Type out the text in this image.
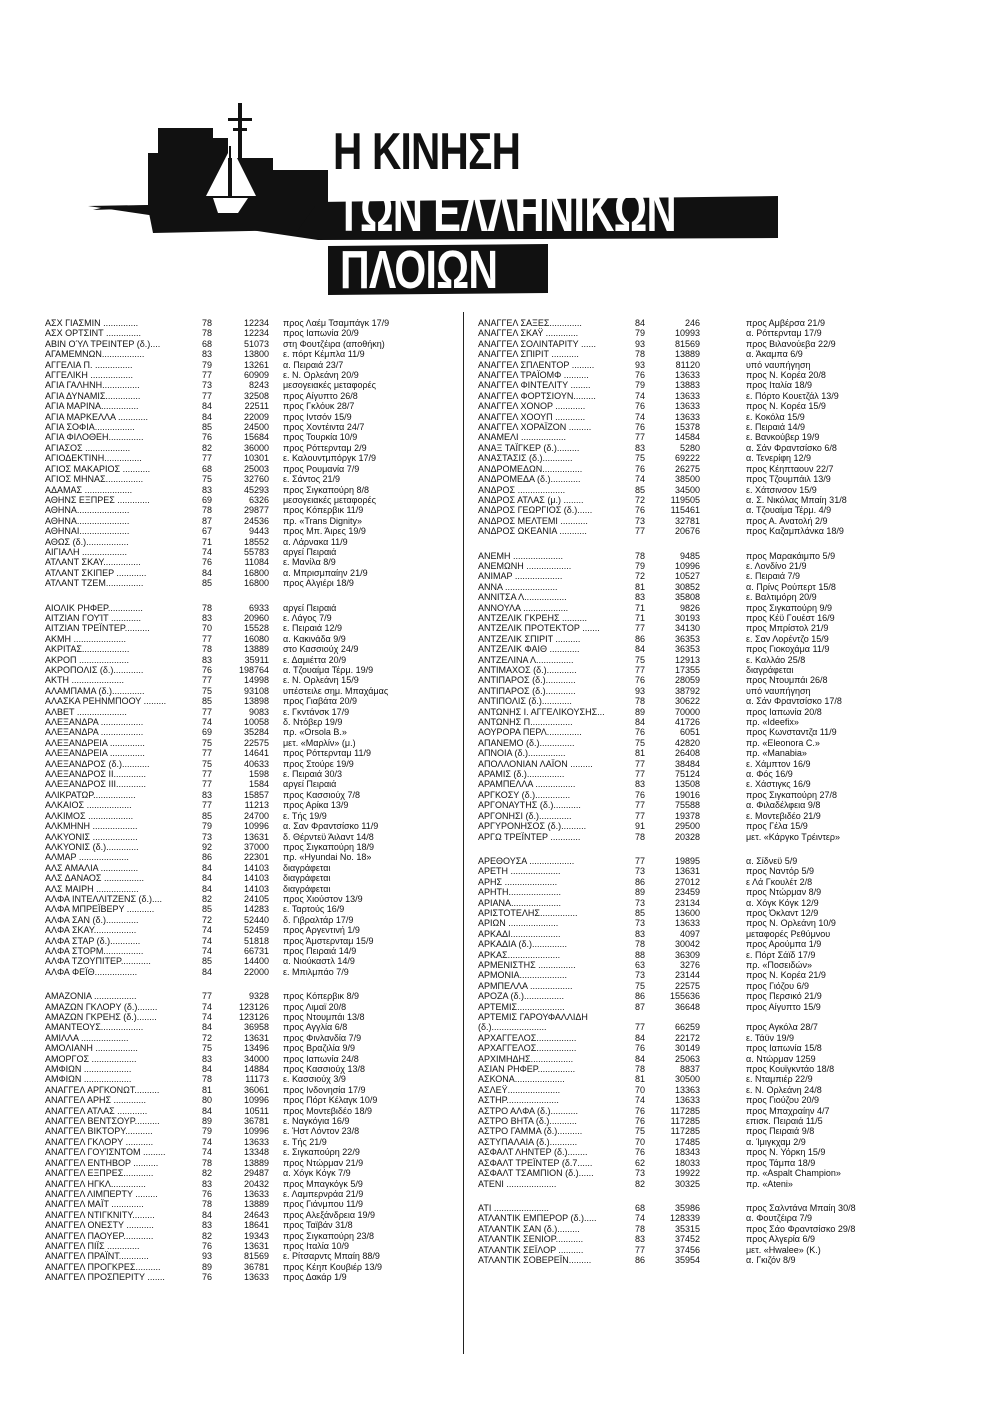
Η ΚΙΝΗΣΗ
ΤΩΝ ΕΛΛΗΝΙΚΩΝ
ΠΛΟΙΩΝ
ΑΣΧ ΓΙΑΣΜΙΝ ..............	78	12234 προς Λαέμ Τσαμπάγκ 17/9
ΑΣΧ ΟΡΤΣΙΝΤ ..............	78	12234 προς Ιαπωνία 20/9
ΑΒΙΝ ΟΎΛ ΤΡΕΙΝΤΕΡ (δ.)....	68	51073 στη Φουτζέιρα (αποθήκη)
ΑΓΑΜΕΜΝΩΝ.................	83	13800 ε. πόρτ Κέμπλα 11/9
ΑΓΓΕΛΙΑ Π. ...............	79	13261 α. Πειραιά 23/7
ΑΓΓΕΛΙΚΗ .................	77	60909 ε. Ν. Ορλεάνη 20/9
ΑΓΙΑ ΓΑΛΗΝΗ...............	73	8243 μεσογειακές μεταφορές
ΑΓΙΑ ΔΥΝΑΜΙΣ..............	77	32508 προς Αίγυπτο 26/8
ΑΓΙΑ ΜΑΡΙΝΑ...............	84	22511 προς Γκλόυκ 28/7
ΑΓΙΑ ΜΑΡΚΕΛΛΑ ............	84	22009 προς Ιντσόν 15/9
ΑΓΙΑ ΣΟΦΙΑ................	85	24500 προς Χοντέιντα 24/7
ΑΓΙΑ ΦΙΛΟΘΕΗ..............	76	15684 προς Τουρκία 10/9
ΑΓΙΑΣΟΣ ..................	82	36000 προς Ρόττερνταμ 2/9
ΑΓΙΟΔΕΚΤΙΝΗ...............	77	10301 ε. Καλουντμπόργκ 17/9
ΑΓΙΟΣ ΜΑΚΑΡΙΟΣ ...........	68	25003 προς Ρουμανία 7/9
ΑΓΙΟΣ ΜΗΝΑΣ...............	75	32760 ε. Σάντος 21/9
ΑΔΑΜΑΣ ...................	83	45293 προς Σιγκαπούρη 8/8
ΑΘΗΝΣ ΕΞΠΡΕΣ .............	69	6326 μεσογειακές μεταφορές
ΑΘΗΝΑ.....................	78	29877 προς Κόπερβικ 11/9
ΑΘΗΝΑ.....................	87	24536 πρ. «Trans Dignity»
ΑΘΗΝΑΙ....................	67	9443 προς Μπ. Άιρες 19/9
ΑΘΩΣ (δ.).................	71	18552 α. Λάρνακα 11/9
ΑΙΓΙΑΛΗ ..................	74	55783 αργεί Πειραιά
ΑΤΛΑΝΤ ΣΚΑΥ...............	76	11084 ε. Μανίλα 8/9
ΑΤΛΑΝΤ ΣΚΙΠΕΡ ............	84	16800 α. Μπρισμπαίην 21/9
ΑΤΛΑΝΤ ΤΖΕΜ...............	85	16800 προς Αλγιέρι 18/9
ΑΙΟΛΙΚ ΡΗΦΕΡ..............	78	6933 αργεί Πειραιά
ΑΙΤΖΙΑΝ ΓΟΥΊΤ ............	83	20960 ε. Λάγος 7/9
ΑΙΤΖΙΑΝ ΤΡΕΪΝΤΕΡ..........	70	15528 ε. Πειραιά 12/9
ΑΚΜΗ .....................	77	16080 α. Κακινάδα 9/9
ΑΚΡΙΤΑΣ...................	78	13889 στο Κασσιούχ 24/9
ΑΚΡΟΠ ....................	83	35911 ε. Δαμιέττα 20/9
ΑΚΡΟΠΟΛΙΣ (δ.)............	76	198764 α. Τζουαίμα Τέρμ. 19/9
ΑΚΤΗ .....................	77	14998 ε. Ν. Ορλεάνη 15/9
ΑΛΑΜΠΑΜΑ (δ.).............	75	93108 υπέστειλε σημ. Μπαχάμας
ΑΛΑΣΚΑ ΡΕΗΝΜΠΟΟΥ .........	85	13898 προς Γιαβάτα 20/9
ΑΛΒΕΤ ....................	77	9083 ε. Γκντάνσκ 17/9
ΑΛΕΞΑΝΔΡΑ .................	74	10058 δ. Ντόβερ 19/9
ΑΛΕΞΑΝΔΡΑ .................	69	35284 πρ. «Orsola B.»
ΑΛΕΞΑΝΔΡΕΙΑ ..............	75	22575 μετ. «Μαρλίν» (μ.)
ΑΛΕΞΑΝΔΡΕΙΑ ..............	77	14641 προς Ρόττερνταμ 11/9
ΑΛΕΞΑΝΔΡΟΣ (δ.)...........	75	40633 προς Στούρε 19/9
ΑΛΕΞΑΝΔΡΟΣ ΙΙ.............	77	1598 ε. Πειραιά 30/3
ΑΛΕΞΑΝΔΡΟΣ ΙΙΙ............	77	1584 αργεί Πειραιά
ΑΛΙΚΡΑΤΩΡ.................	83	15857 προς Κασσιούχ 7/8
ΑΛΚΑΙΟΣ ..................	77	11213 προς Αρίκα 13/9
ΑΛΚΙΜΟΣ ..................	85	24700 ε. Τής 19/9
ΑΛΚΜΗΝΗ ..................	79	10996 α. Σαν Φραντσίσκο 11/9
ΑΛΚΥΟΝΙΣ ..................	73	13631 δ. Θέρντεϋ Άιλαντ 14/8
ΑΛΚΥΟΝΙΣ (δ.).............	92	37000 προς Σιγκαπούρη 18/9
ΑΛΜΑΡ ....................	86	22301 πρ. «Hyundai No. 18»
ΑΛΣ ΑΜΑΛΙΑ ...............	84	14103 διαγράφεται
ΑΛΣ ΔΑΝΑΟΣ ................	84	14103 διαγράφεται
ΑΛΣ ΜΑΙΡΗ .................	84	14103 διαγράφεται
ΑΛΦΑ ΙΝΤΕΛΛΙΤΖΕΝΣ (δ.)....	82	24105 προς Χιούστον 13/9
ΑΛΦΑ ΜΠΡΕΪΒΕΡΥ ...........	85	14283 ε. Ταρτούς 16/9
ΑΛΦΑ ΣΑΝ (δ.).............	72	52440 δ. Γιβραλτάρ 17/9
ΑΛΦΑ ΣΚΑΥ.................	74	52459 προς Αργεντινή 1/9
ΑΛΦΑ ΣΤΑΡ (δ.)............	74	51818 προς Άμστερνταμ 15/9
ΑΛΦΑ ΣΤΟΡΜ................	74	66731 προς Πειραιά 14/9
ΑΛΦΑ ΤΖΟΥΠΙΤΕΡ............	85	14400 α. Νιούκαστλ 14/9
ΑΛΦΑ ΦΕΪΘ.................	84	22000 ε. Μπιλμπάο 7/9
ΑΜΑΖΟΝΙΑ .................	77	9328 προς Κόπερβικ 8/9
ΑΜΑΖΩΝ ΓΚΛΟΡΥ (δ.)........	74	123126 προς Λιμαϊ 20/8
ΑΜΑΖΩΝ ΓΚΡΕΗΣ (δ.)........	74	123126 προς Ντουμπάι 13/8
ΑΜΑΝΤΕΟΥΣ.................	84	36958 προς Αγγλία 6/8
ΑΜΙΛΛΑ ...................	72	13631 προς Φινλανδία 7/9
ΑΜΟΛΙΑΝΗ .................	75	13496 προς Βραζιλία 9/9
ΑΜΟΡΓΟΣ ..................	83	34000 προς Ιαπωνία 24/8
ΑΜΦΙΩΝ ...................	84	14884 προς Κασσιούχ 13/8
ΑΜΦΙΩΝ ...................	78	11173 ε. Κασσιούχ 3/9
ΑΝΑΓΓΕΛ ΑΡΓΚΟΝΩΤ..........	81	36061 προς Ινδονησία 17/9
ΑΝΑΓΓΕΛ ΑΡΗΣ .............	80	10996 προς Πόρτ Κέλαγκ 10/9
ΑΝΑΓΓΕΛ ΑΤΛΑΣ ............	84	10511 προς Μοντεβιδέο 18/9
ΑΝΑΓΓΕΛ ΒΕΝΤΣΟΥΡ..........	89	36781 ε. Ναγκόγια 16/9
ΑΝΑΓΓΕΛ ΒΙΚΤΟΡΥ...........	79	10996 ε. Ήστ Λόντον 23/8
ΑΝΑΓΓΕΛ ΓΚΛΟΡΥ ...........	74	13633 ε. Τής 21/9
ΑΝΑΓΓΕΛ ΓΟΥΊΣΝΤΟΜ .........	74	13348 ε. Σιγκαπούρη 22/9
ΑΝΑΓΓΕΛ ΕΝΤΗΒΟΡ ..........	78	13889 προς Ντώρμαν 21/9
ΑΝΑΓΓΕΛ ΕΞΠΡΕΣ............	82	29487 α. Χόγκ Κόγκ 7/9
ΑΝΑΓΓΕΛ ΗΓΚΛ..............	83	20432 προς Μπαγκόγκ 5/9
ΑΝΑΓΓΕΛ ΛΙΜΠΕΡΤΥ .........	76	13633 ε. Λαμπερνράα 21/9
ΑΝΑΓΓΕΛ ΜΑΪΤ .............	78	13889 προς Γιάνμπου 11/9
ΑΝΑΓΓΕΛ ΝΤΙΓΚΝΙΤΥ.........	84	24643 προς Αλεξάνδρεια 19/9
ΑΝΑΓΓΕΛ ΟΝΕΣΤΥ ...........	83	18641 προς Ταϊβάν 31/8
ΑΝΑΓΓΕΛ ΠΑΟΥΕΡ............	82	19343 προς Σιγκαπούρη 23/8
ΑΝΑΓΓΕΛ ΠΙΪΣ .............	76	13631 προς Ιταλία 10/9
ΑΝΑΓΓΕΛ ΠΡΑΪΝΤ............	93	81569 ε. Ρίτσαρντς Μπαίη 88/9
ΑΝΑΓΓΕΛ ΠΡΟΓΚΡΕΣ..........	89	36781 προς Κέηπ Κουβιέρ 13/9
ΑΝΑΓΓΕΛ ΠΡΟΣΠΕΡΙΤΥ .......	76	13633 προς Δακάρ 1/9
ΑΝΑΓΓΕΛ ΣΑΞΕΣ.............	84	246	προς Αμβέρσα 21/9
ΑΝΑΓΓΕΛ ΣΚΑΫ .............	79	10993	α. Ρόττερνταμ 17/9
ΑΝΑΓΓΕΛ ΣΟΛΙΝΤΑΡΙΤΥ ......	93	81569	προς Βιλανούεβα 22/9
ΑΝΑΓΓΕΛ ΣΠΙΡΙΤ ...........	78	13889	α. Άκαμπα 6/9
ΑΝΑΓΓΕΛ ΣΠΛΕΝΤΟΡ .........	93	81120	υπό ναυπήγηση
ΑΝΑΓΓΕΛ ΤΡΑΪΟΜΦ ..........	76	13633	προς Ν. Κορέα 20/8
ΑΝΑΓΓΕΛ ΦΙΝΤΕΛΙΤΥ ........	79	13883	προς Ιταλία 18/9
ΑΝΑΓΓΕΛ ΦΟΡΤΣΙΟΥΝ.........	74	13633	ε. Πόρτο Κουετζάλ 13/9
ΑΝΑΓΓΕΛ ΧΟΝΟΡ ............	76	13633	προς Ν. Κορέα 15/9
ΑΝΑΓΓΕΛ ΧΟΟΥΠ ............	74	13633	ε. Κοκόλα 15/9
ΑΝΑΓΓΕΛ ΧΟΡΑΪΖΟΝ .........	76	15378	ε. Πειραιά 14/9
ΑΝΑΜΕΛΙ ..................	77	14584	ε. Βανκούβερ 19/9
ΑΝΑΞ ΤΑΪΓΚΕΡ (δ.).........	83	5280	α. Σάν Φραντσίσκο 6/8
ΑΝΑΣΤΑΣΙΣ (δ.)............	75	69222	α. Τενερίφη 12/9
ΑΝΔΡΟΜΕΔΩΝ................	76	26275	προς Κέηπταουν 22/7
ΑΝΔΡΟΜΕΔΑ (δ.)............	74	38500	προς Τζουμπάιλ 13/9
ΑΝΔΡΟΣ ...................	85	34500	ε. Χάτσινσον 15/9
ΑΝΔΡΟΣ ΑΤΛΑΣ (μ.) ........	72	119505	α. Σ. Νικόλας Μπαίη 31/8
ΑΝΔΡΟΣ ΓΕΩΡΓΙΟΣ (δ.)......	76	115461	α. Τζουαίμα Τέρμ. 4/9
ΑΝΔΡΟΣ ΜΕΛΤΕΜΙ ...........	73	32781	προς Α. Ανατολή 2/9
ΑΝΔΡΟΣ ΩΚΕΑΝΙΑ ...........	77	20676	προς Καζαμπλάνκα 18/9
ΑΝΕΜΗ ....................	78	9485	προς Μαρακάιμπο 5/9
ΑΝΕΜΩΝΗ ..................	79	10996	ε. Λονδίνο 21/9
ΑΝΙΜΑΡ ...................	72	10527	ε. Πειραιά 7/9
ΑΝΝΑ .....................	81	30852	α. Πρίνς Ρούπερτ 15/8
ΑΝΝΙΤΣΑ Λ.................	83	35808	ε. Βαλτιμόρη 20/9
ΑΝΝΟΥΛΑ ..................	71	9826	προς Σιγκαπούρη 9/9
ΑΝΤΖΕΛΙΚ ΓΚΡΕΗΣ ..........	71	30193	προς Κέϋ Γουέστ 16/9
ΑΝΤΖΕΛΙΚ ΠΡΟΤΕΚΤΟΡ .......	77	34130	προς Μπρίστολ 21/9
ΑΝΤΖΕΛΙΚ ΣΠΙΡΙΤ ..........	86	36353	ε. Σαν Λορέντζο 15/9
ΑΝΤΖΕΛΙΚ ΦΑΙΘ ............	84	36353	προς Γιοκοχάμα 11/9
ΑΝΤΖΕΛΙΝΑ Λ...............	75	12913	ε. Καλλάο 25/8
ΑΝΤΙΜΑΧΟΣ (δ.)............	77	17355	διαγράφεται
ΑΝΤΙΠΑΡΟΣ (δ.)............	76	28059	προς Ντουμπάι 26/8
ΑΝΤΙΠΑΡΟΣ (δ.)............	93	38792	υπό ναυπήγηση
ΑΝΤΙΠΟΛΙΣ (δ.)............	78	30622	α. Σάν Φραντσίσκο 17/8
ΑΝΤΩΝΗΣ Ι. ΑΓΓΕΛΙΚΟΥΣΗΣ...	89	70000	προς Ιαπωνία 20/8
ΑΝΤΩΝΗΣ Π.................	84	41726	πρ. «Ideefix»
ΑΟΥΡΟΡΑ ΠΕΡΛ..............	76	6051	προς Κωνσταντζα 11/9
ΑΠΑΝΕΜΟ (δ.)..............	75	42820	πρ. «Eleonora C.»
ΑΠΝΟΙΑ (δ.)...............	81	26408	πρ. «Manabia»
ΑΠΟΛΛΟΝΙΑΝ ΛΑΪΟΝ .........	77	38484	ε. Χάμπτον 16/9
ΑΡΑΜΙΣ (δ.)...............	77	75124	α. Φός 16/9
ΑΡΑΜΠΕΛΛΑ ................	83	13508	ε. Χάστιγκς 16/9
ΑΡΓΚΟΣΥ (δ.)..............	76	19016	προς Σιγκαπούρη 27/8
ΑΡΓΟΝΑΥΤΗΣ (δ.)...........	77	75588	α. Φιλαδέλφεια 9/8
ΑΡΓΟΝΗΣΙ (δ.).............	77	19378	ε. Μοντεβιδέο 21/9
ΑΡΓΥΡΟΝΗΣΟΣ (δ.)..........	91	29500	προς Γέλα 15/9
ΑΡΓΩ ΤΡΕΪΝΤΕΡ ............	78	20328	μετ. «Κάργκο Τρέιντερ»
ΑΡΕΘΟΥΣΑ ..................	77	19895	α. Σίδνεϋ 5/9
ΑΡΕΤΗ ....................	73	13631	προς Ναντόρ 5/9
ΑΡΗΣ .....................	86	27012	ε Λά Γκουλέτ 2/8
ΑΡΗΤΗ.....................	89	23459	προς Ντώρμαν 8/9
ΑΡΙΑΝΑ....................	73	23134	α. Χόγκ Κόγκ 12/9
ΑΡΙΣΤΟΤΕΛΗΣ...............	85	13600	προς Όκλαντ 12/9
ΑΡΙΩΝ ....................	73	13633	προς Ν. Ορλεάνη 10/9
ΑΡΚΑΔΙ....................	83	4097	μεταφορές Ρεθύμνου
ΑΡΚΑΔΙΑ (δ.)..............	78	30042	προς Αρούμπα 1/9
ΑΡΚΑΣ.....................	88	36309	ε. Πόρτ Σάϊδ 17/9
ΑΡΜΕΝΙΣΤΗΣ ...............	63	3276	πρ. «Ποσειδών»
ΑΡΜΟΝΙΑ...................	73	23144	προς Ν. Κορέα 21/9
ΑΡΜΠΕΛΛΑ .................	75	22575	προς Γιόζου 6/9
ΑΡΟΖΑ (δ.)................	86	155636	προς Περσικό 21/9
ΑΡΤΕΜΙΣ...................	87	36648	προς Αίγυπτο 15/9
ΑΡΤΕΜΙΣ ΓΑΡΟΥΦΑΛΛΙΔΗ
(δ.)......................	77	66259	προς Αγκόλα 28/7
ΑΡΧΑΓΓΕΛΟΣ................	84	22172	ε. Τάϋν 19/9
ΑΡΧΑΓΓΕΛΟΣ................	76	30149	προς Ιαπωνία 15/8
ΑΡΧΙΜΗΔΗΣ.................	84	25063	α. Ντώρμαν 1259
ΑΣΙΑΝ ΡΗΦΕΡ...............	78	8837	προς Κουϊγκντάο 18/8
ΑΣΚΟΝΑ....................	81	30500	ε. Νταμπιέρ 22/9
ΑΣΛΕΫ.....................	70	13363	ε. Ν. Ορλεάνη 24/8
ΑΣΤΗΡ.....................	74	13633	προς Γιούζου 20/9
ΑΣΤΡΟ ΑΛΦΑ (δ.)...........	76	117285	προς Μπαχραίην 4/7
ΑΣΤΡΟ ΒΗΤΑ (δ.)...........	76	117285	επισκ. Πειραιά 11/5
ΑΣΤΡΟ ΓΑΜΜΑ (δ.)..........	75	117285	προς Πειραιά 9/8
ΑΣΤΥΠΑΛΑΙΑ (δ.)...........	70	17485	α. Ίμιγκχαμ 2/9
ΑΣΦΑΛΤ ΛΗΝΤΕΡ (δ.)........	76	18343	προς Ν. Υόρκη 15/9
ΑΣΦΑΛΤ ΤΡΕΪΝΤΕΡ (δ.7......	62	18033	προς Τάμπα 18/9
ΑΣΦΑΛΤ ΤΣΑΜΠΙΟΝ (δ.)......	73	19922	πρ. «Aspalt Champion»
ΑΤΕΝΙ ....................	82	30325	πρ. «Ateni»
ΑΤΙ ......................	68	35986	προς Σαλντάνα Μπαίη 30/8
ΑΤΛΑΝΤΙΚ ΕΜΠΕΡΟΡ (δ.).....	74	128339	α. Φουτζέιρα 7/9
ΑΤΛΑΝΤΙΚ ΣΑΝ (δ.).........	78	35315	προς Σάο Φραντσίσκο 29/8
ΑΤΛΑΝΤΙΚ ΣΕΝΙΟΡ...........	83	37452	προς Αλγερία 6/9
ΑΤΛΑΝΤΙΚ ΣΕΪΛΟΡ ..........	77	37456	μετ. «Hwalee» (Κ.)
ΑΤΛΑΝΤΙΚ ΣΟΒΕΡΕΪΝ.........	86	35954	α. Γκιζόν 8/9
